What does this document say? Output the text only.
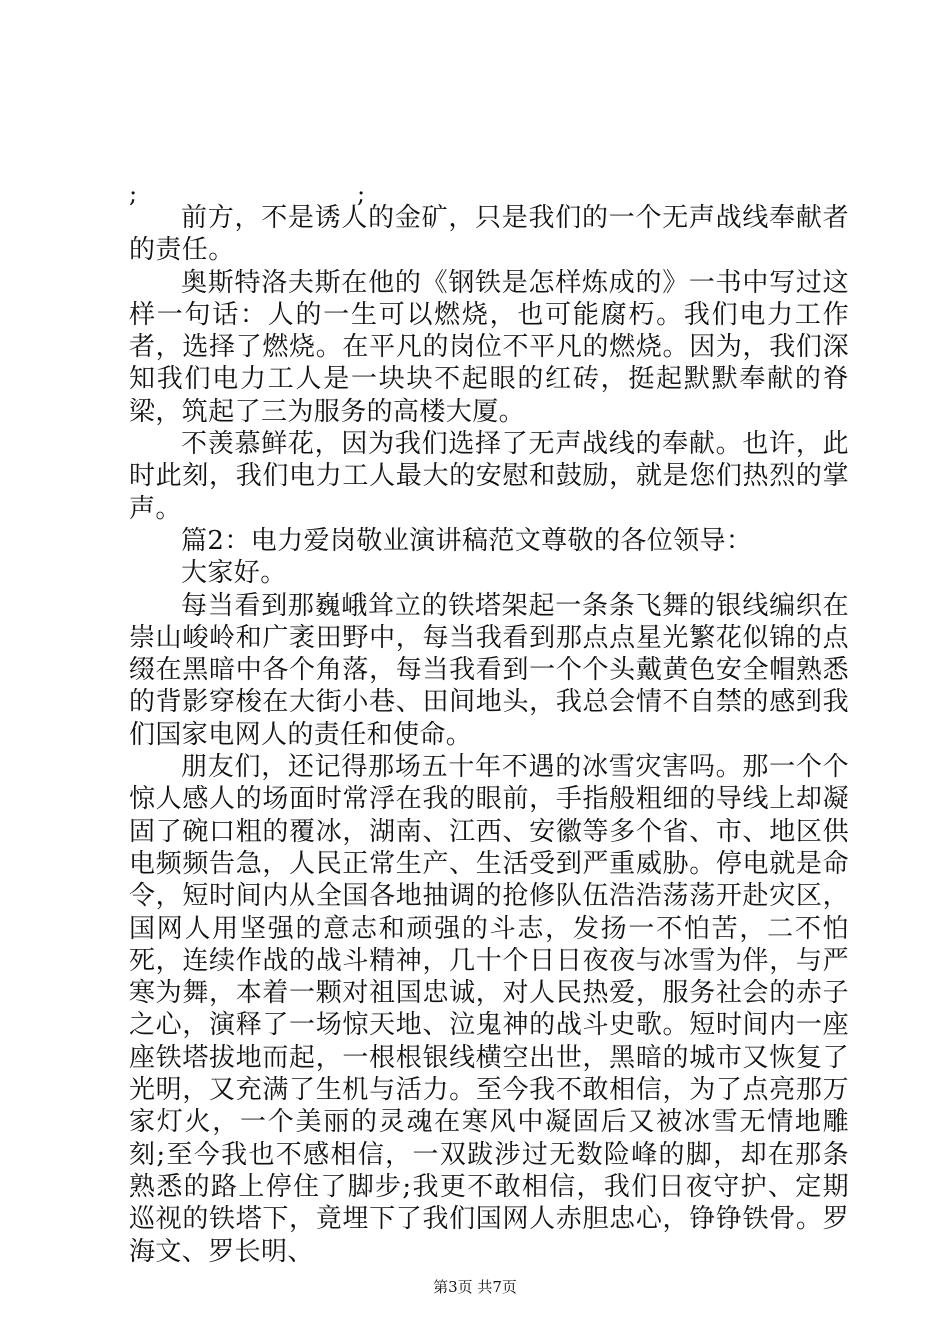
;	;

前方，不是诱人的金矿，只是我们的一个无声战线奉献者的责任。

奥斯特洛夫斯在他的《钢铁是怎样炼成的》一书中写过这样一句话：人的一生可以燃烧，也可能腐朽。我们电力工作者，选择了燃烧。在平凡的岗位不平凡的燃烧。因为，我们深知我们电力工人是一块块不起眼的红砖，挺起默默奉献的脊梁，筑起了三为服务的高楼大厦。

不羡慕鲜花，因为我们选择了无声战线的奉献。也许，此时此刻，我们电力工人最大的安慰和鼓励，就是您们热烈的掌声。

篇2：电力爱岗敬业演讲稿范文尊敬的各位领导：

大家好。

每当看到那巍峨耸立的铁塔架起一条条飞舞的银线编织在崇山峻岭和广袤田野中，每当我看到那点点星光繁花似锦的点缀在黑暗中各个角落，每当我看到一个个头戴黄色安全帽熟悉的背影穿梭在大街小巷、田间地头，我总会情不自禁的感到我们国家电网人的责任和使命。

朋友们，还记得那场五十年不遇的冰雪灾害吗。那一个个惊人感人的场面时常浮在我的眼前，手指般粗细的导线上却凝固了碗口粗的覆冰，湖南、江西、安徽等多个省、市、地区供电频频告急，人民正常生产、生活受到严重威胁。停电就是命令，短时间内从全国各地抽调的抢修队伍浩浩荡荡开赴灾区，国网人用坚强的意志和顽强的斗志，发扬一不怕苦，二不怕死，连续作战的战斗精神，几十个日日夜夜与冰雪为伴，与严寒为舞，本着一颗对祖国忠诚，对人民热爱，服务社会的赤子之心，演释了一场惊天地、泣鬼神的战斗史歌。短时间内一座座铁塔拔地而起，一根根银线横空出世，黑暗的城市又恢复了光明，又充满了生机与活力。至今我不敢相信，为了点亮那万家灯火，一个美丽的灵魂在寒风中凝固后又被冰雪无情地雕刻;至今我也不感相信，一双跋涉过无数险峰的脚，却在那条熟悉的路上停住了脚步;我更不敢相信，我们日夜守护、定期巡视的铁塔下，竟埋下了我们国网人赤胆忠心，铮铮铁骨。罗海文、罗长明、

第3页 共7页
